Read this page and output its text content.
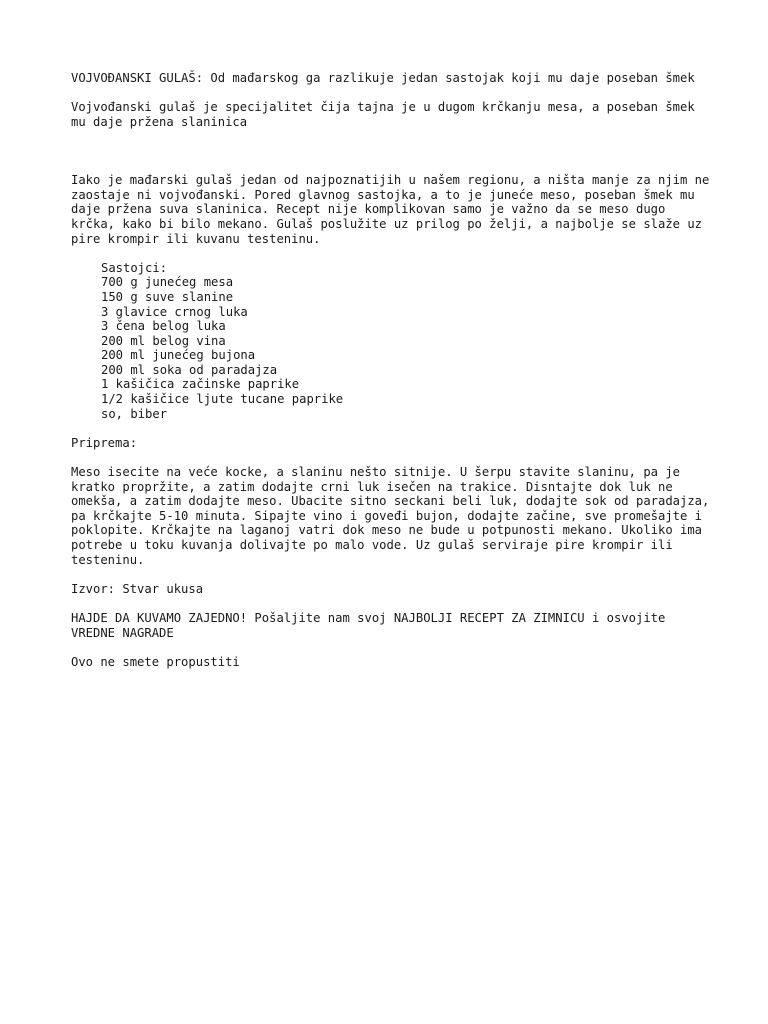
VOJVOĐANSKI GULAŠ: Od mađarskog ga razlikuje jedan sastojak koji mu daje poseban šmek

Vojvođanski gulaš je specijalitet čija tajna je u dugom krčkanju mesa, a poseban šmek mu daje pržena slaninica

Iako je mađarski gulaš jedan od najpoznatijih u našem regionu, a ništa manje za njim ne zaostaje ni vojvođanski. Pored glavnog sastojka, a to je juneće meso, poseban šmek mu daje pržena suva slaninica. Recept nije komplikovan samo je važno da se meso dugo krčka, kako bi bilo mekano. Gulaš poslužite uz prilog po želji, a najbolje se slaže uz pire krompir ili kuvanu testeninu.

Sastojci:
700 g junećeg mesa
150 g suve slanine
3 glavice crnog luka
3 čena belog luka
200 ml belog vina
200 ml junećeg bujona
200 ml soka od paradajza
1 kašičica začinske paprike
1/2 kašičice ljute tucane paprike
so, biber

Priprema:

Meso isecite na veće kocke, a slaninu nešto sitnije. U šerpu stavite slaninu, pa je kratko propržite, a zatim dodajte crni luk isečen na trakice. Disntajte dok luk ne omekša, a zatim dodajte meso. Ubacite sitno seckani beli luk, dodajte sok od paradajza, pa krčkajte 5-10 minuta. Sipajte vino i goveđi bujon, dodajte začine, sve promešajte i poklopite. Krčkajte na laganoj vatri dok meso ne bude u potpunosti mekano. Ukoliko ima potrebe u toku kuvanja dolivajte po malo vode. Uz gulaš serviraje pire krompir ili testeninu.

Izvor: Stvar ukusa

HAJDE DA KUVAMO ZAJEDNO! Pošaljite nam svoj NAJBOLJI RECEPT ZA ZIMNICU i osvojite VREDNE NAGRADE

Ovo ne smete propustiti
